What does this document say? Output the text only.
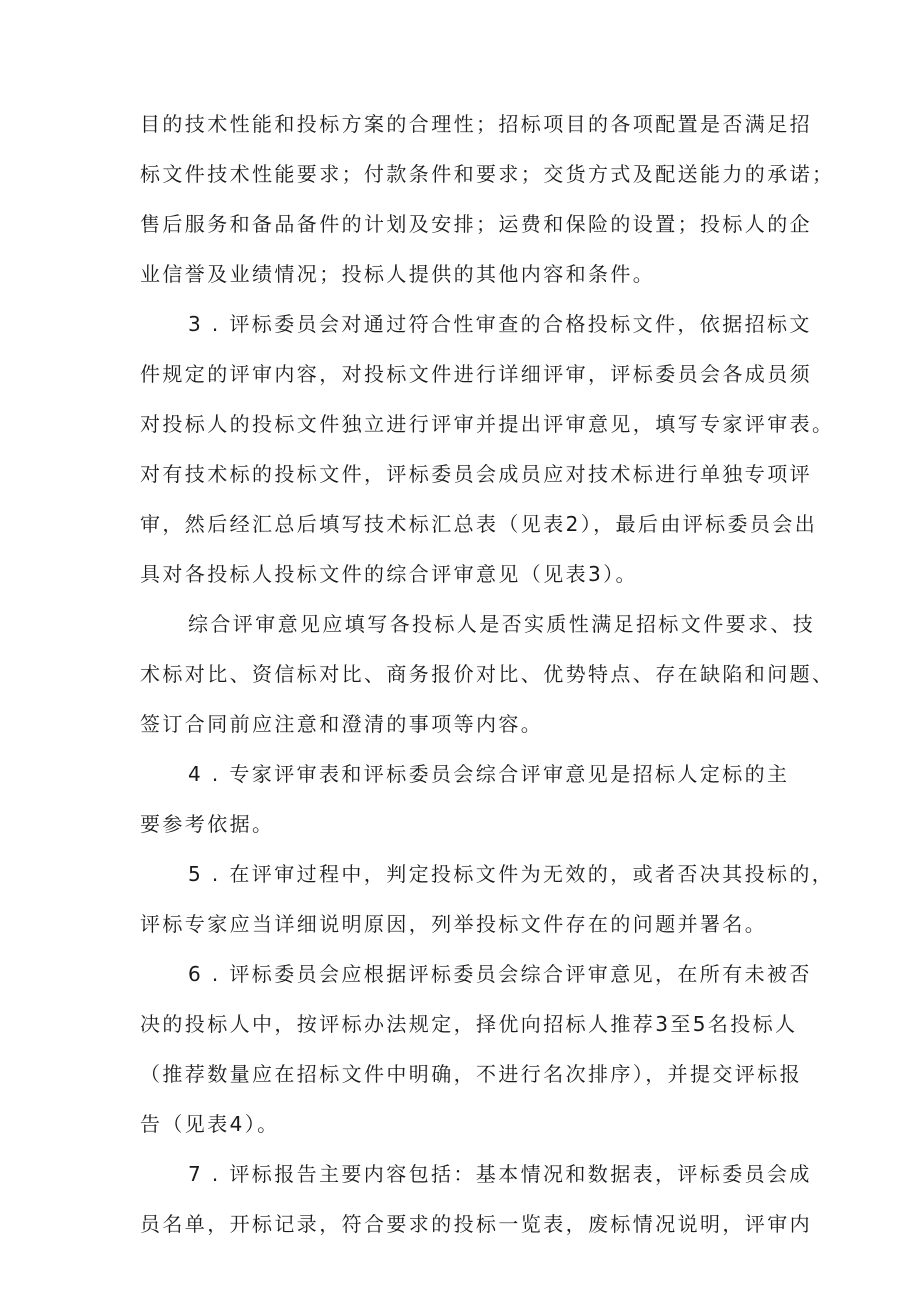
目的技术性能和投标方案的合理性；招标项目的各项配置是否满足招
标文件技术性能要求；付款条件和要求；交货方式及配送能力的承诺；
售后服务和备品备件的计划及安排；运费和保险的设置；投标人的企
业信誉及业绩情况；投标人提供的其他内容和条件。
3 . 评标委员会对通过符合性审查的合格投标文件，依据招标文
件规定的评审内容，对投标文件进行详细评审，评标委员会各成员须
对投标人的投标文件独立进行评审并提出评审意见，填写专家评审表。
对有技术标的投标文件，评标委员会成员应对技术标进行单独专项评
审，然后经汇总后填写技术标汇总表（见表2），最后由评标委员会出
具对各投标人投标文件的综合评审意见（见表3）。
综合评审意见应填写各投标人是否实质性满足招标文件要求、技
术标对比、资信标对比、商务报价对比、优势特点、存在缺陷和问题、
签订合同前应注意和澄清的事项等内容。
4 . 专家评审表和评标委员会综合评审意见是招标人定标的主
要参考依据。
5 . 在评审过程中，判定投标文件为无效的，或者否决其投标的，
评标专家应当详细说明原因，列举投标文件存在的问题并署名。
6 . 评标委员会应根据评标委员会综合评审意见，在所有未被否
决的投标人中，按评标办法规定，择优向招标人推荐3至5名投标人
（推荐数量应在招标文件中明确，不进行名次排序），并提交评标报
告（见表4）。
7 . 评标报告主要内容包括：基本情况和数据表，评标委员会成
员名单，开标记录，符合要求的投标一览表，废标情况说明，评审内
